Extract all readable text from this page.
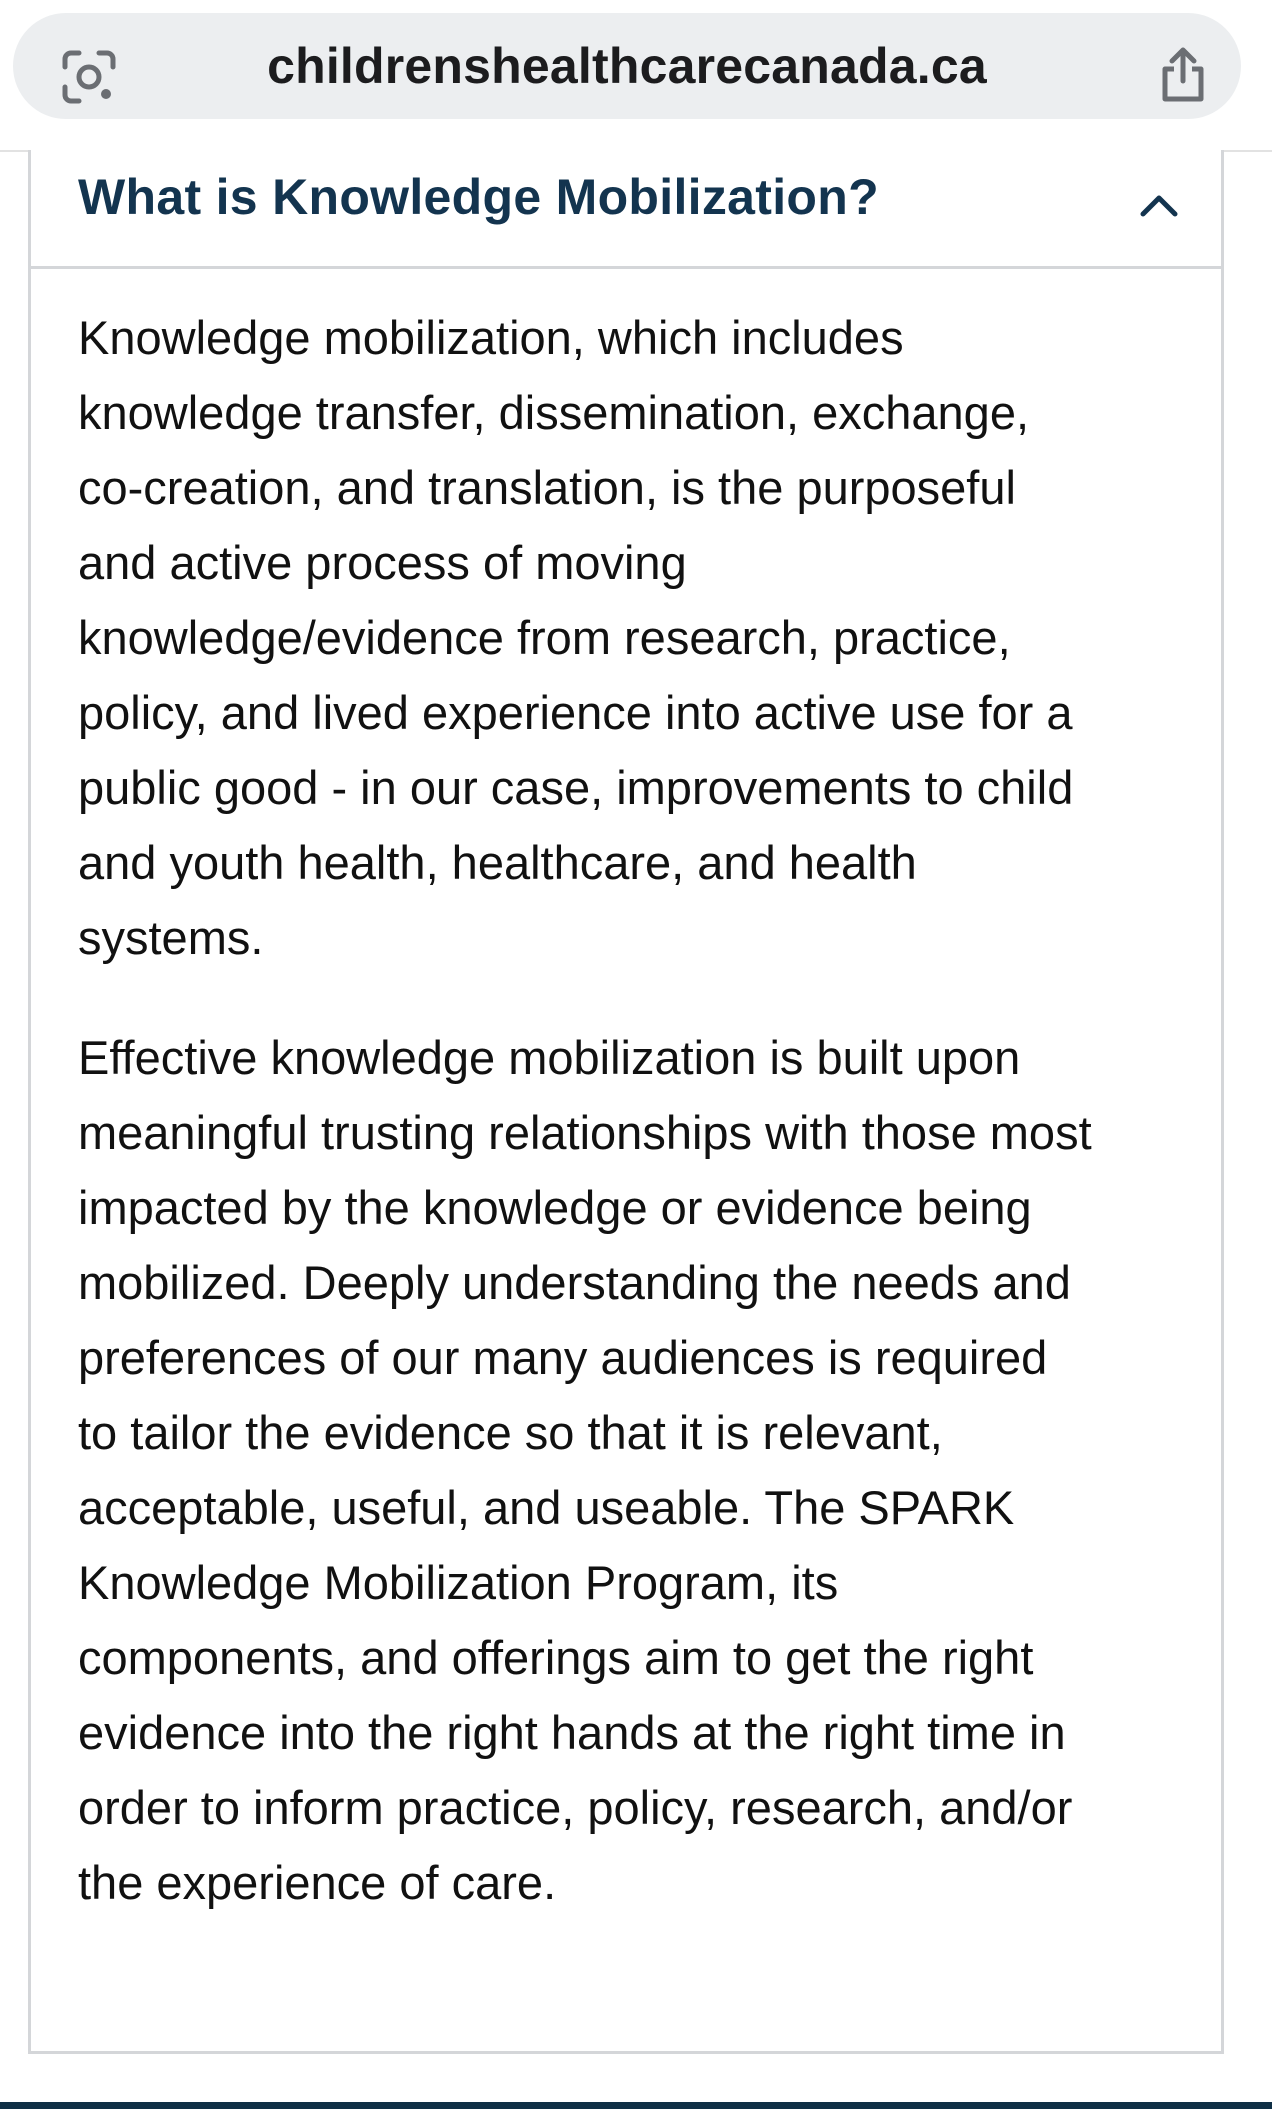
childrenshealthcarecanada.ca
What is Knowledge Mobilization?

Knowledge mobilization, which includes
knowledge transfer, dissemination, exchange,
co-creation, and translation, is the purposeful
and active process of moving
knowledge/evidence from research, practice,
policy, and lived experience into active use for a
public good - in our case, improvements to child
and youth health, healthcare, and health
systems.

Effective knowledge mobilization is built upon
meaningful trusting relationships with those most
impacted by the knowledge or evidence being
mobilized. Deeply understanding the needs and
preferences of our many audiences is required
to tailor the evidence so that it is relevant,
acceptable, useful, and useable. The SPARK
Knowledge Mobilization Program, its
components, and offerings aim to get the right
evidence into the right hands at the right time in
order to inform practice, policy, research, and/or
the experience of care.
